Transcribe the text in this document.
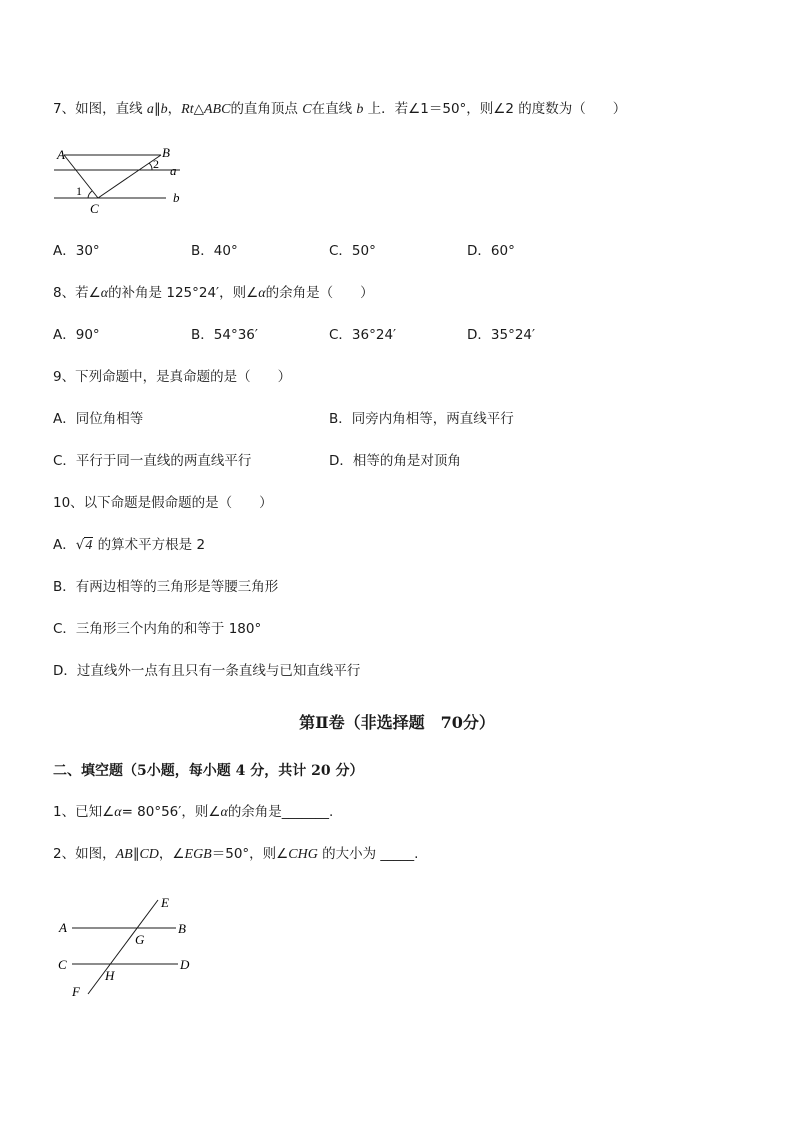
7、如图，直线 a∥b，Rt△ABC的直角顶点 C在直线 b 上．若∠1＝50°，则∠2 的度数为（　　）
A	B
a
2
1
C
b
A．30°	B．40°	C．50°	D．60°
8、若∠α的补角是 125°24′，则∠α的余角是（　　）
A．90°	B．54°36′	C．36°24′	D．35°24′
9、下列命题中，是真命题的是（　　）
A．同位角相等	B．同旁内角相等，两直线平行
C．平行于同一直线的两直线平行	D．相等的角是对顶角
10、以下命题是假命题的是（　　）
A．√4 的算术平方根是 2
B．有两边相等的三角形是等腰三角形
C．三角形三个内角的和等于 180°
D．过直线外一点有且只有一条直线与已知直线平行
第Ⅱ卷（非选择题　70分）
二、填空题（5小题，每小题 4 分，共计 20 分）
1、已知∠α= 80°56′，则∠α的余角是_______.
2、如图，AB∥CD，∠EGB＝50°，则∠CHG 的大小为 _____.
E
A
G
B
C	D
H
F
